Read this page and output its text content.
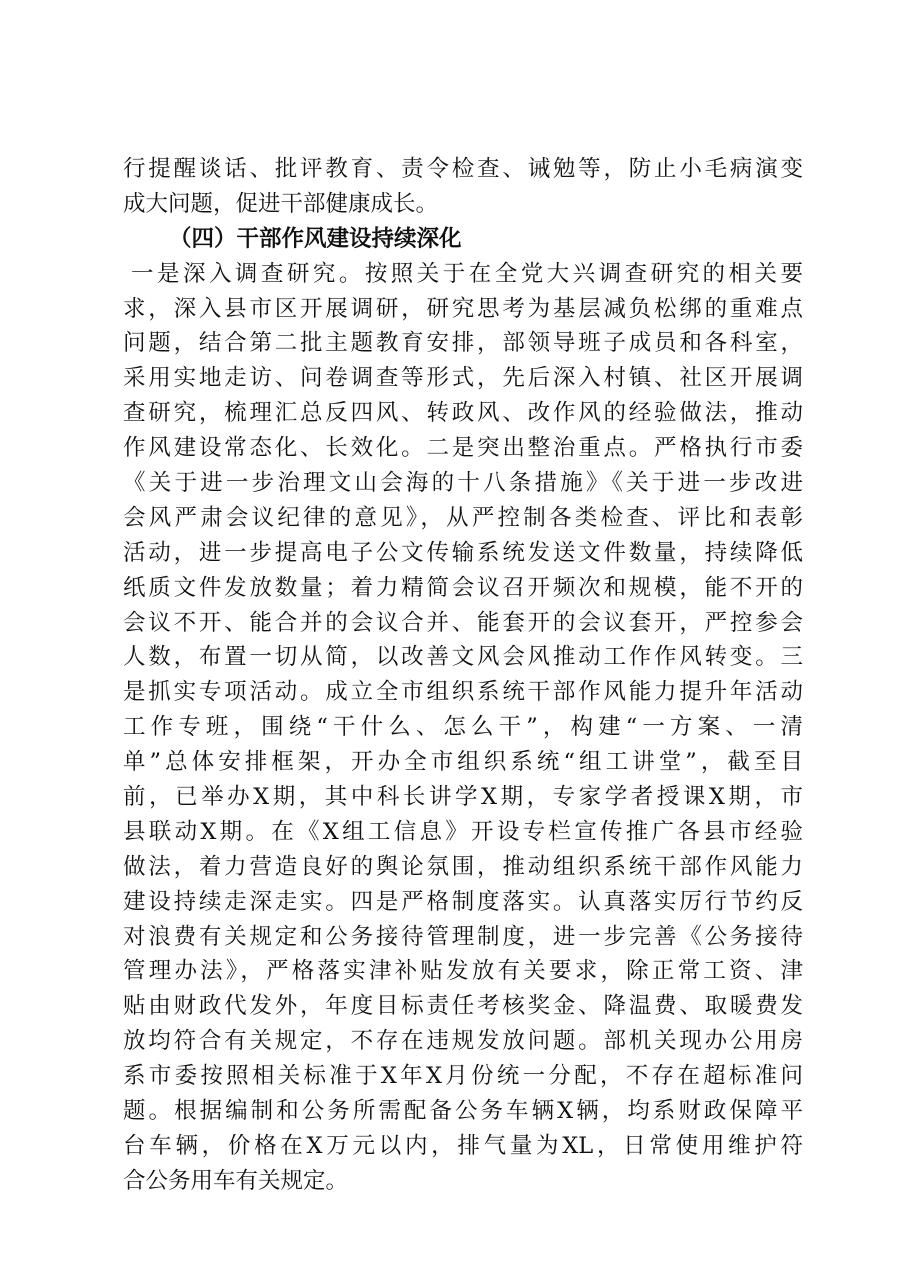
行提醒谈话、批评教育、责令检查、诫勉等，防止小毛病演变
成大问题，促进干部健康成长。
（四）干部作风建设持续深化
一是深入调查研究。按照关于在全党大兴调查研究的相关要
求，深入县市区开展调研，研究思考为基层减负松绑的重难点
问题，结合第二批主题教育安排，部领导班子成员和各科室，
采用实地走访、问卷调查等形式，先后深入村镇、社区开展调
查研究，梳理汇总反四风、转政风、改作风的经验做法，推动
作风建设常态化、长效化。二是突出整治重点。严格执行市委
《关于进一步治理文山会海的十八条措施》《关于进一步改进
会风严肃会议纪律的意见》，从严控制各类检查、评比和表彰
活动，进一步提高电子公文传输系统发送文件数量，持续降低
纸质文件发放数量；着力精简会议召开频次和规模，能不开的
会议不开、能合并的会议合并、能套开的会议套开，严控参会
人数，布置一切从简，以改善文风会风推动工作作风转变。三
是抓实专项活动。成立全市组织系统干部作风能力提升年活动
工作专班，围绕“干什么、怎么干”，构建“一方案、一清
单”总体安排框架，开办全市组织系统“组工讲堂”，截至目
前，已举办X期，其中科长讲学X期，专家学者授课X期，市
县联动X期。在《X组工信息》开设专栏宣传推广各县市经验
做法，着力营造良好的舆论氛围，推动组织系统干部作风能力
建设持续走深走实。四是严格制度落实。认真落实厉行节约反
对浪费有关规定和公务接待管理制度，进一步完善《公务接待
管理办法》，严格落实津补贴发放有关要求，除正常工资、津
贴由财政代发外，年度目标责任考核奖金、降温费、取暖费发
放均符合有关规定，不存在违规发放问题。部机关现办公用房
系市委按照相关标准于X年X月份统一分配，不存在超标准问
题。根据编制和公务所需配备公务车辆X辆，均系财政保障平
台车辆，价格在X万元以内，排气量为XL，日常使用维护符
合公务用车有关规定。
